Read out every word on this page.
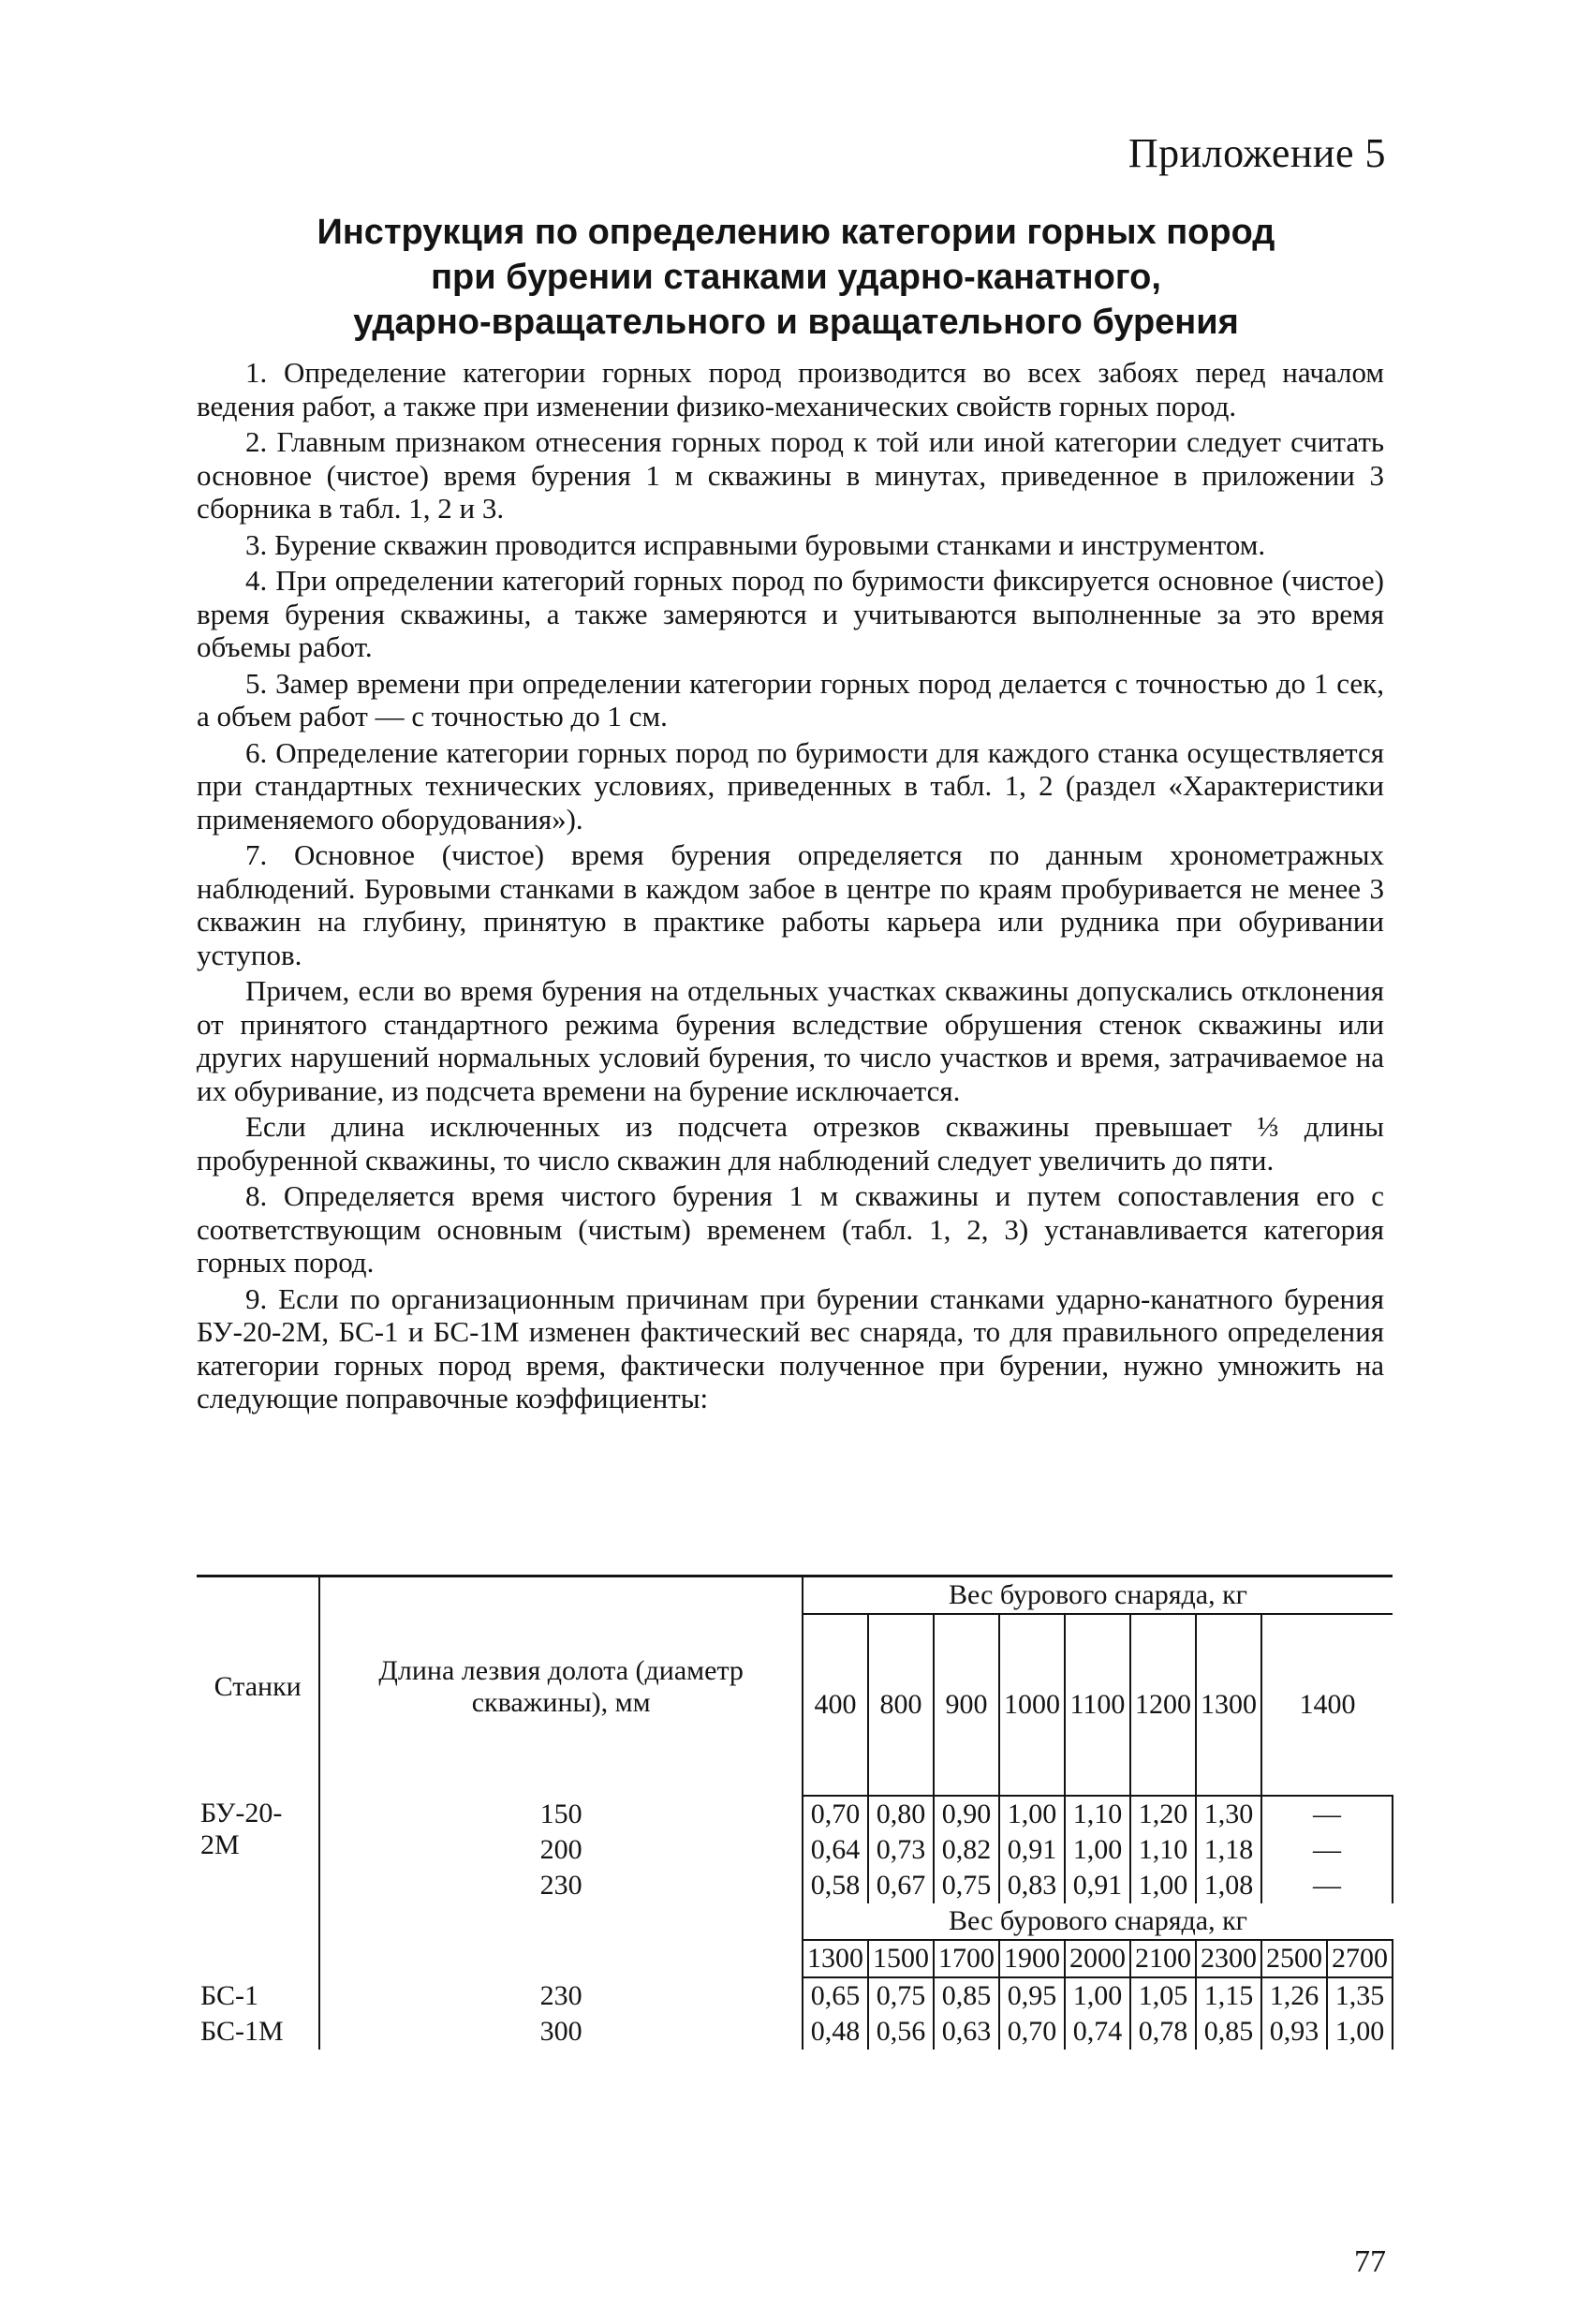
Приложение 5
Инструкция по определению категории горных пород
при бурении станками ударно-канатного,
ударно-вращательного и вращательного бурения

1. Определение категории горных пород производится во всех забоях перед началом ведения работ, а также при изменении физико-механических свойств горных пород.

2. Главным признаком отнесения горных пород к той или иной категории следует считать основное (чистое) время бурения 1 м скважины в минутах, приведенное в приложении 3 сборника в табл. 1, 2 и 3.

3. Бурение скважин проводится исправными буровыми станками и инструментом.

4. При определении категорий горных пород по буримости фиксируется основное (чистое) время бурения скважины, а также замеряются и учитываются выполненные за это время объемы работ.

5. Замер времени при определении категории горных пород делается с точностью до 1 сек, а объем работ — с точностью до 1 см.

6. Определение категории горных пород по буримости для каждого станка осуществляется при стандартных технических условиях, приведенных в табл. 1, 2 (раздел «Характеристики применяемого оборудования»).

7. Основное (чистое) время бурения определяется по данным хронометражных наблюдений. Буровыми станками в каждом забое в центре по краям пробуривается не менее 3 скважин на глубину, принятую в практике работы карьера или рудника при обуривании уступов.

Причем, если во время бурения на отдельных участках скважины допускались отклонения от принятого стандартного режима бурения вследствие обрушения стенок скважины или других нарушений нормальных условий бурения, то число участков и время, затрачиваемое на их обуривание, из подсчета времени на бурение исключается.

Если длина исключенных из подсчета отрезков скважины превышает ⅓ длины пробуренной скважины, то число скважин для наблюдений следует увеличить до пяти.

8. Определяется время чистого бурения 1 м скважины и путем сопоставления его с соответствующим основным (чистым) временем (табл. 1, 2, 3) устанавливается категория горных пород.

9. Если по организационным причинам при бурении станками ударно-канатного бурения БУ-20-2М, БС-1 и БС-1М изменен фактический вес снаряда, то для правильного определения категории горных пород время, фактически полученное при бурении, нужно умножить на следующие поправочные коэффициенты:

Станки	Длина лезвия долота (диаметр скважины), мм	Вес бурового снаряда, кг								
		400	800	900	1000	1100	1200	1300	1400	
БУ-20-2М	150	0,70	0,80	0,90	1,00	1,10	1,20	1,30	—	
	200	0,64	0,73	0,82	0,91	1,00	1,10	1,18	—	
	230	0,58	0,67	0,75	0,83	0,91	1,00	1,08	—	
		Вес бурового снаряда, кг								
		1300	1500	1700	1900	2000	2100	2300	2500	2700
БС-1	230	0,65	0,75	0,85	0,95	1,00	1,05	1,15	1,26	1,35
БС-1М	300	0,48	0,56	0,63	0,70	0,74	0,78	0,85	0,93	1,00
77
